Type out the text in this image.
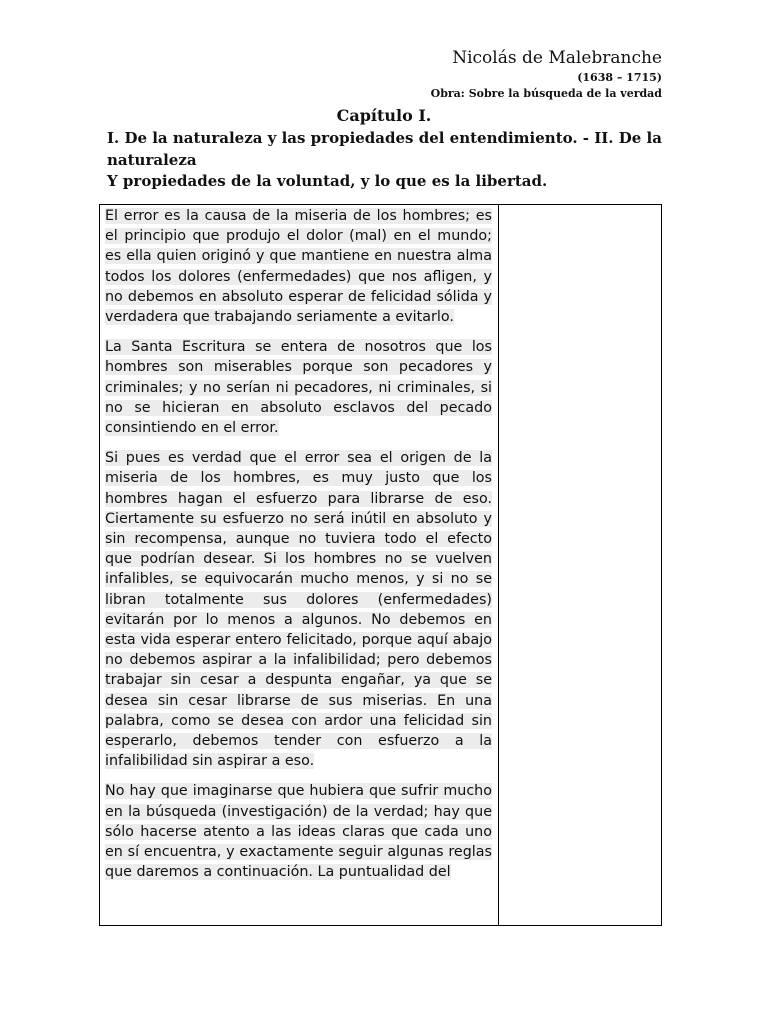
Nicolás de Malebranche
(1638 – 1715)
Obra: Sobre la búsqueda de la verdad
Capítulo I.
I. De la naturaleza y las propiedades del entendimiento. - II. De la
naturaleza
Y propiedades de la voluntad, y lo que es la libertad.

El error es la causa de la miseria de los hombres; es el principio que produjo el dolor (mal) en el mundo; es ella quien originó y que mantiene en nuestra alma todos los dolores (enfermedades) que nos afligen, y no debemos en absoluto esperar de felicidad sólida y verdadera que trabajando seriamente a evitarlo.

La Santa Escritura se entera de nosotros que los hombres son miserables porque son pecadores y criminales; y no serían ni pecadores, ni criminales, si no se hicieran en absoluto esclavos del pecado consintiendo en el error.

Si pues es verdad que el error sea el origen de la miseria de los hombres, es muy justo que los hombres hagan el esfuerzo para librarse de eso. Ciertamente su esfuerzo no será inútil en absoluto y sin recompensa, aunque no tuviera todo el efecto que podrían desear. Si los hombres no se vuelven infalibles, se equivocarán mucho menos, y si no se libran totalmente sus dolores (enfermedades) evitarán por lo menos a algunos. No debemos en esta vida esperar entero felicitado, porque aquí abajo no debemos aspirar a la infalibilidad; pero debemos trabajar sin cesar a despunta engañar, ya que se desea sin cesar librarse de sus miserias. En una palabra, como se desea con ardor una felicidad sin esperarlo, debemos tender con esfuerzo a la infalibilidad sin aspirar a eso.

No hay que imaginarse que hubiera que sufrir mucho en la búsqueda (investigación) de la verdad; hay que sólo hacerse atento a las ideas claras que cada uno en sí encuentra, y exactamente seguir algunas reglas que daremos a continuación. La puntualidad del
